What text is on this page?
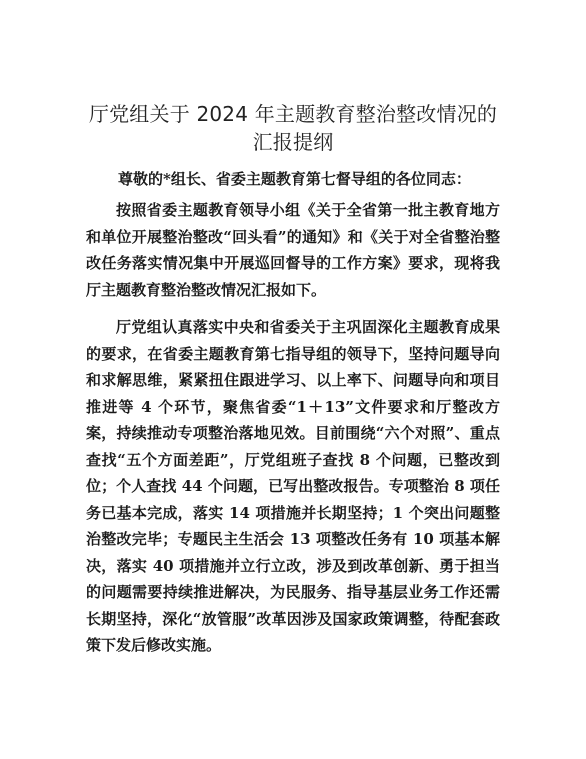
厅党组关于 2024 年主题教育整治整改情况的汇报提纲
尊敬的*组长、省委主题教育第七督导组的各位同志：

按照省委主题教育领导小组《关于全省第一批主教育地方和单位开展整治整改“回头看”的通知》和《关于对全省整治整改任务落实情况集中开展巡回督导的工作方案》要求，现将我厅主题教育整治整改情况汇报如下。

厅党组认真落实中央和省委关于主巩固深化主题教育成果的要求，在省委主题教育第七指导组的领导下，坚持问题导向和求解思维，紧紧扭住跟进学习、以上率下、问题导向和项目推进等 4 个环节，聚焦省委“1＋13”文件要求和厅整改方案，持续推动专项整治落地见效。目前围绕“六个对照”、重点查找“五个方面差距”，厅党组班子查找 8 个问题，已整改到位；个人查找 44 个问题，已写出整改报告。专项整治 8 项任务已基本完成，落实 14 项措施并长期坚持；1 个突出问题整治整改完毕；专题民主生活会 13 项整改任务有 10 项基本解决，落实 40 项措施并立行立改，涉及到改革创新、勇于担当的问题需要持续推进解决，为民服务、指导基层业务工作还需长期坚持，深化“放管服”改革因涉及国家政策调整，待配套政策下发后修改实施。
